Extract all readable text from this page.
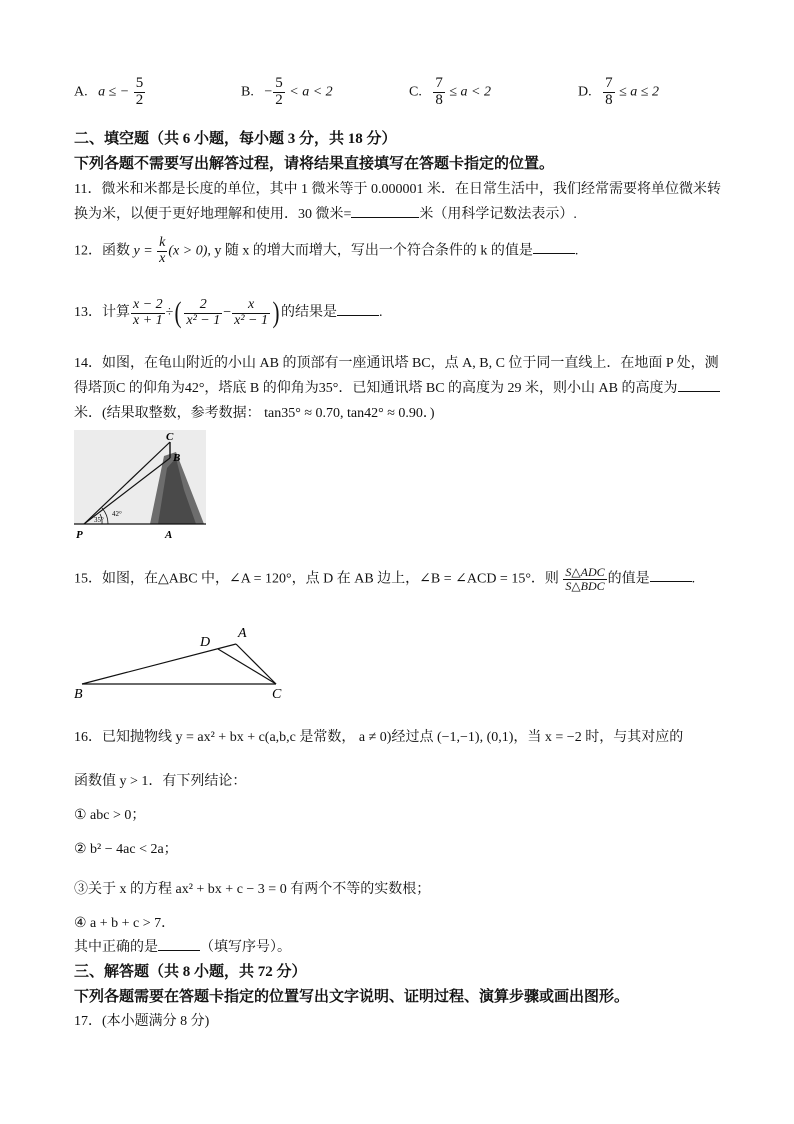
A. a ≤ − $\frac{5}{2}$	B. − $\frac{5}{2} < a < 2$	C. $\frac{7}{8} \le a < 2$	D. $\frac{7}{8} \le a \le 2$
二、填空题（共 6 小题，每小题 3 分，共 18 分）
下列各题不需要写出解答过程，请将结果直接填写在答题卡指定的位置。
11．微米和米都是长度的单位，其中 1 微米等于 0.000001 米．在日常生活中，我们经常需要将单位微米转
换为米，以便于更好地理解和使用．30 微米=	米（用科学记数法表示）.
12．函数 $y = \frac{k}{x} (x > 0)$, y 随 x 的增大而增大，写出一个符合条件的 k 的值是	.
13．计算 $\frac{x - 2}{x + 1}$ ÷( $\frac{2}{\text{x² − 1}} - \frac{x}{\text{x² − 1}}$ ) 的结果是	.
14．如图，在龟山附近的小山 AB 的顶部有一座通讯塔 BC，点 A, B, C 位于同一直线上．在地面 P 处，测
得塔顶C 的仰角为42°，塔底 B 的仰角为35°．已知通讯塔 BC 的高度为 29 米，则小山 AB 的高度为
米．(结果取整数，参考数据： tan35° ≈ 0.70, tan42° ≈ 0.90．)
C
B
P	A
35°
42°
15．如图，在△ABC 中，∠A = 120°，点 D 在 AB 边上，∠B = ∠ACD = 15°．则 $\frac{\text{S△ADC}}{\text{S△BDC}}$ 的值是	.
D
A
B	C
16．已知抛物线 y = ax² + bx + c(a,b,c 是常数， a ≠ 0)经过点 (−1,−1), (0,1)，当 x = −2 时，与其对应的
函数值 y > 1．有下列结论：
① abc > 0；
② b² − 4ac < 2a；
③关于 x 的方程 ax² + bx + c − 3 = 0 有两个不等的实数根；
④ a + b + c > 7．
其中正确的是	（填写序号）。
三、解答题（共 8 小题，共 72 分）
下列各题需要在答题卡指定的位置写出文字说明、证明过程、演算步骤或画出图形。
17．(本小题满分 8 分)
